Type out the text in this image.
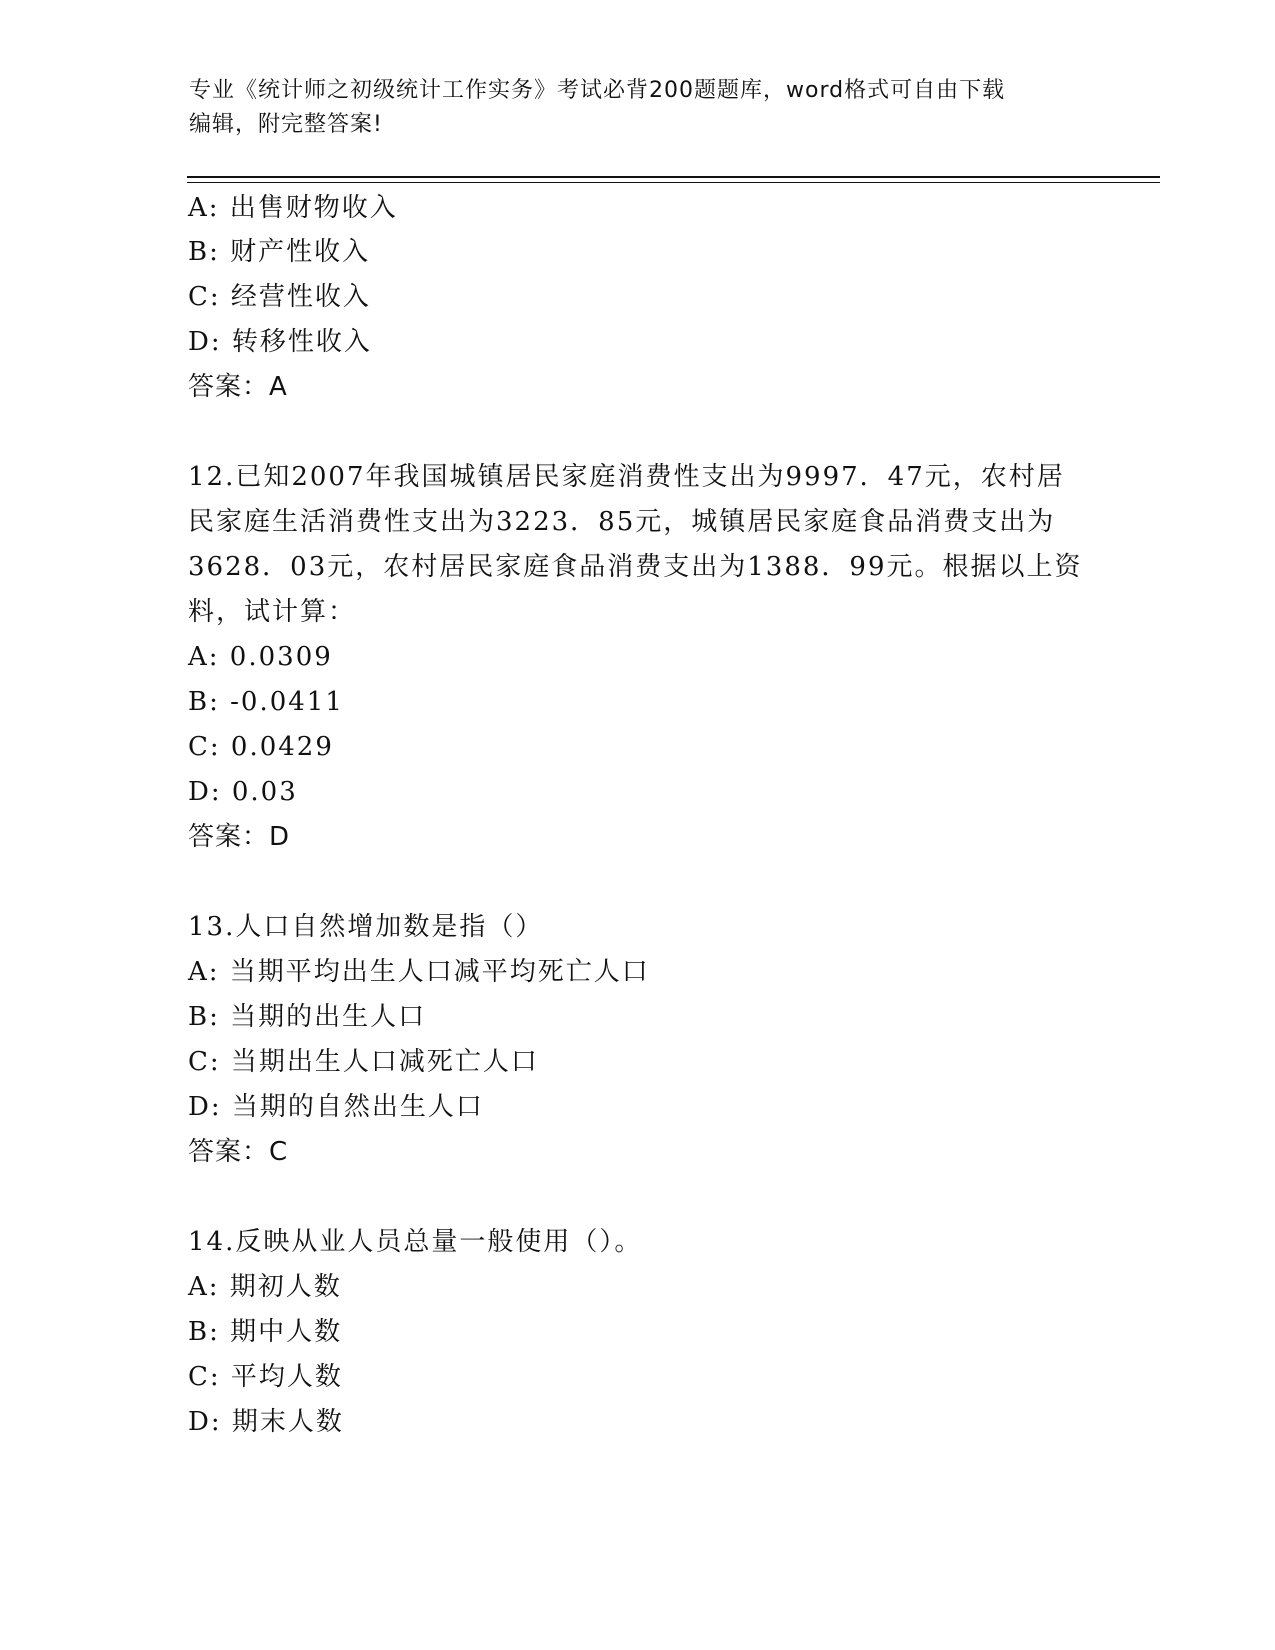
专业《统计师之初级统计工作实务》考试必背200题题库，word格式可自由下载
编辑，附完整答案!
A: 出售财物收入
B: 财产性收入
C: 经营性收入
D: 转移性收入
答案：A
12.已知2007年我国城镇居民家庭消费性支出为9997．47元，农村居
民家庭生活消费性支出为3223．85元，城镇居民家庭食品消费支出为
3628．03元，农村居民家庭食品消费支出为1388．99元。根据以上资
料，试计算：
A: 0.0309
B: -0.0411
C: 0.0429
D: 0.03
答案：D
13.人口自然增加数是指（）
A: 当期平均出生人口减平均死亡人口
B: 当期的出生人口
C: 当期出生人口减死亡人口
D: 当期的自然出生人口
答案：C
14.反映从业人员总量一般使用（）。
A: 期初人数
B: 期中人数
C: 平均人数
D: 期末人数
